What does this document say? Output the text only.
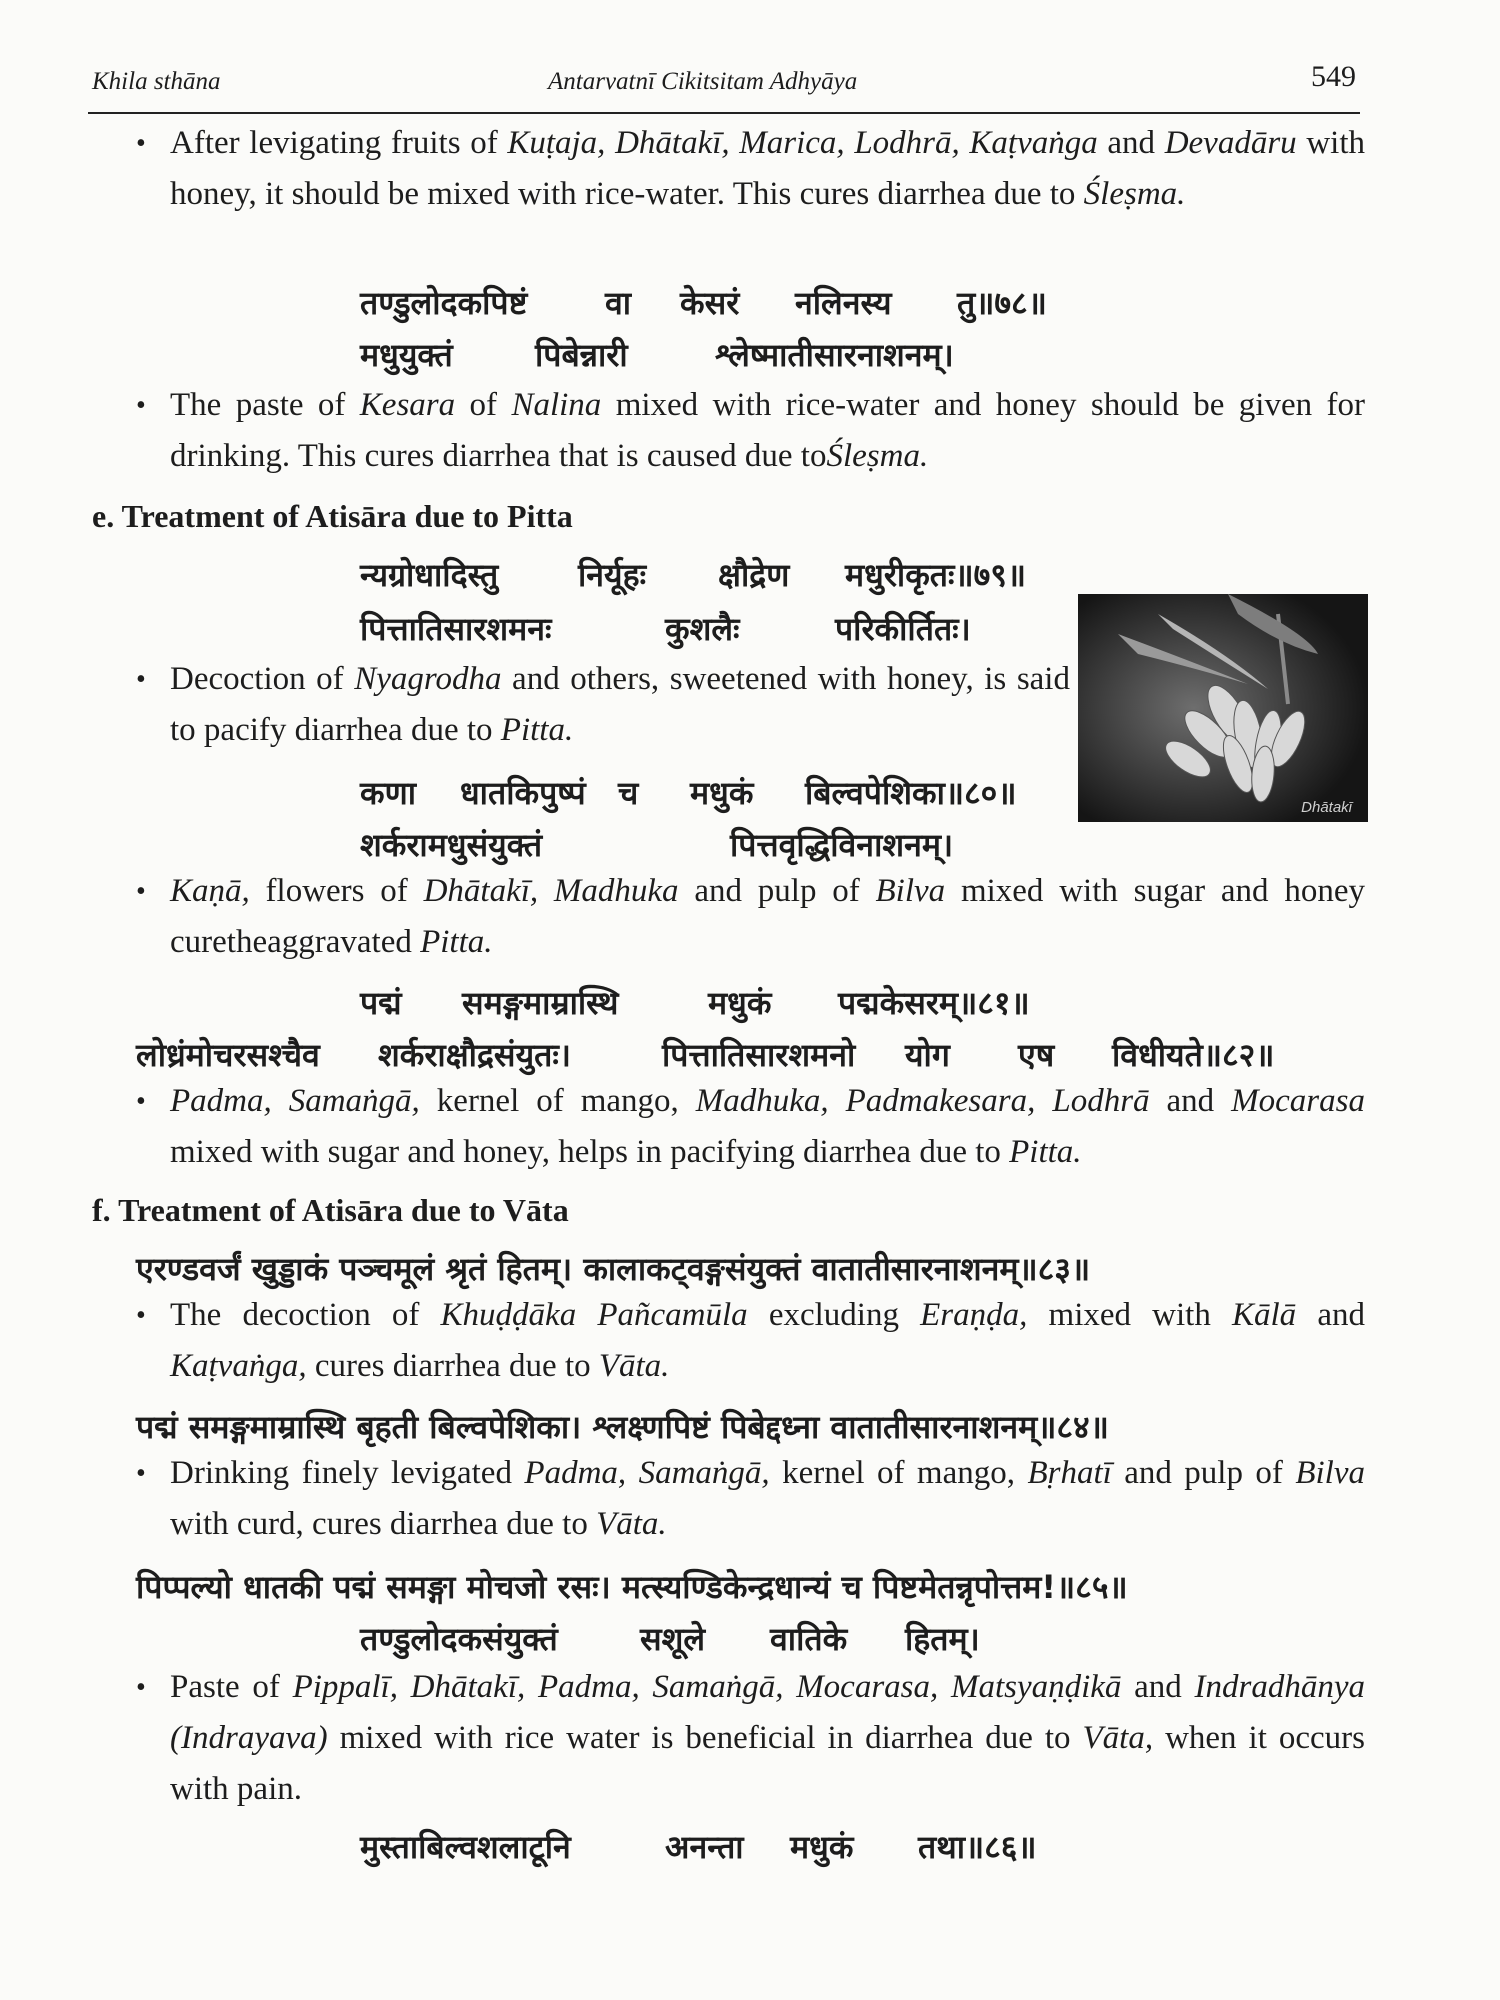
Khila sthāna	Antarvatnī Cikitsitam Adhyāya	549
• After levigating fruits of Kuṭaja, Dhātakī, Marica, Lodhrā, Kaṭvaṅga and Devadāru with honey, it should be mixed with rice-water. This cures diarrhea due to Śleṣma.
तण्डुलोदकपिष्टं वा केसरं नलिनस्य तु॥७८॥
मधुयुक्तं	पिबेन्नारी	श्लेष्मातीसारनाशनम्।
• The paste of Kesara of Nalina mixed with rice-water and honey should be given for drinking. This cures diarrhea that is caused due toŚleṣma.
e. Treatment of Atisāra due to Pitta
न्यग्रोधादिस्तु निर्यूहः क्षौद्रेण मधुरीकृतः॥७९॥
पित्तातिसारशमनः	कुशलैः	परिकीर्तितः।
Dhātakī
• Decoction of Nyagrodha and others, sweetened with honey, is said to pacify diarrhea due to Pitta.
कणा धातकिपुष्पं च मधुकं बिल्वपेशिका॥८०॥
शर्करामधुसंयुक्तं	पित्तवृद्धिविनाशनम्।
• Kaṇā, flowers of Dhātakī, Madhuka and pulp of Bilva mixed with sugar and honey curetheaggravated Pitta.
पद्मं समङ्गमाम्रास्थि	मधुकं पद्मकेसरम्॥८१॥
लोध्रंमोचरसश्चैव शर्कराक्षौद्रसंयुतः।	पित्तातिसारशमनो योग एष विधीयते॥८२॥
• Padma, Samaṅgā, kernel of mango, Madhuka, Padmakesara, Lodhrā and Mocarasa mixed with sugar and honey, helps in pacifying diarrhea due to Pitta.
f. Treatment of Atisāra due to Vāta
एरण्डवर्जं खुड्डाकं पञ्चमूलं श्रृतं हितम्। कालाकट्वङ्गसंयुक्तं वातातीसारनाशनम्॥८३॥
• The decoction of Khuḍḍāka Pañcamūla excluding Eraṇḍa, mixed with Kālā and Kaṭvaṅga, cures diarrhea due to Vāta.
पद्मं समङ्गमाम्रास्थि बृहती बिल्वपेशिका। श्लक्ष्णपिष्टं पिबेद्दध्ना वातातीसारनाशनम्॥८४॥
• Drinking finely levigated Padma, Samaṅgā, kernel of mango, Bṛhatī and pulp of Bilva with curd, cures diarrhea due to Vāta.
पिप्पल्यो धातकी पद्मं समङ्गा मोचजो रसः। मत्स्यण्डिकेन्द्रधान्यं च पिष्टमेतन्नृपोत्तम!॥८५॥
तण्डुलोदकसंयुक्तं	सशूले वातिके हितम्।
• Paste of Pippalī, Dhātakī, Padma, Samaṅgā, Mocarasa, Matsyaṇḍikā and Indradhānya (Indrayava) mixed with rice water is beneficial in diarrhea due to Vāta, when it occurs with pain.
मुस्ताबिल्वशलाटूनि	अनन्ता मधुकं तथा॥८६॥
